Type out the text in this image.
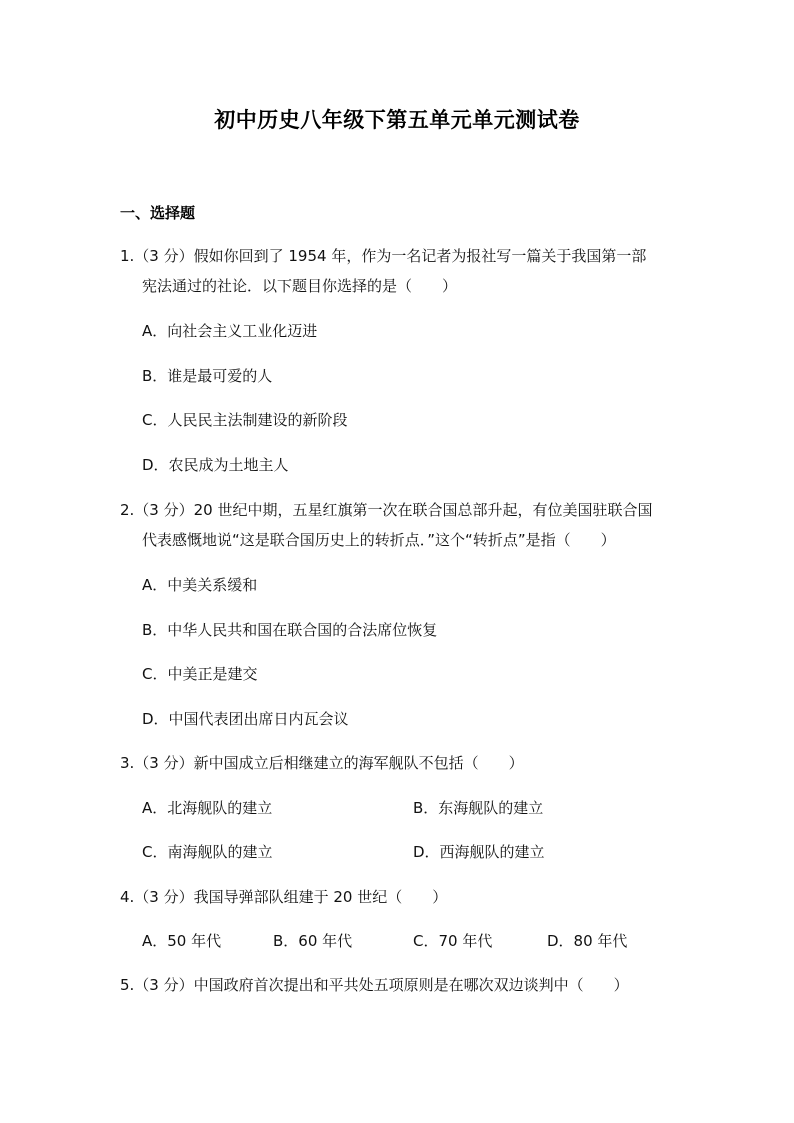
初中历史八年级下第五单元单元测试卷
一、选择题
1.（3 分）假如你回到了 1954 年，作为一名记者为报社写一篇关于我国第一部
宪法通过的社论．以下题目你选择的是（　　）
A．向社会主义工业化迈进
B．谁是最可爱的人
C．人民民主法制建设的新阶段
D．农民成为土地主人
2.（3 分）20 世纪中期，五星红旗第一次在联合国总部升起，有位美国驻联合国
代表感慨地说“这是联合国历史上的转折点．”这个“转折点”是指（　　）
A．中美关系缓和
B．中华人民共和国在联合国的合法席位恢复
C．中美正是建交
D．中国代表团出席日内瓦会议
3.（3 分）新中国成立后相继建立的海军舰队不包括（　　）
A．北海舰队的建立	B．东海舰队的建立
C．南海舰队的建立	D．西海舰队的建立
4.（3 分）我国导弹部队组建于 20 世纪（　　）
A．50 年代	B．60 年代	C．70 年代	D．80 年代
5.（3 分）中国政府首次提出和平共处五项原则是在哪次双边谈判中（　　）
